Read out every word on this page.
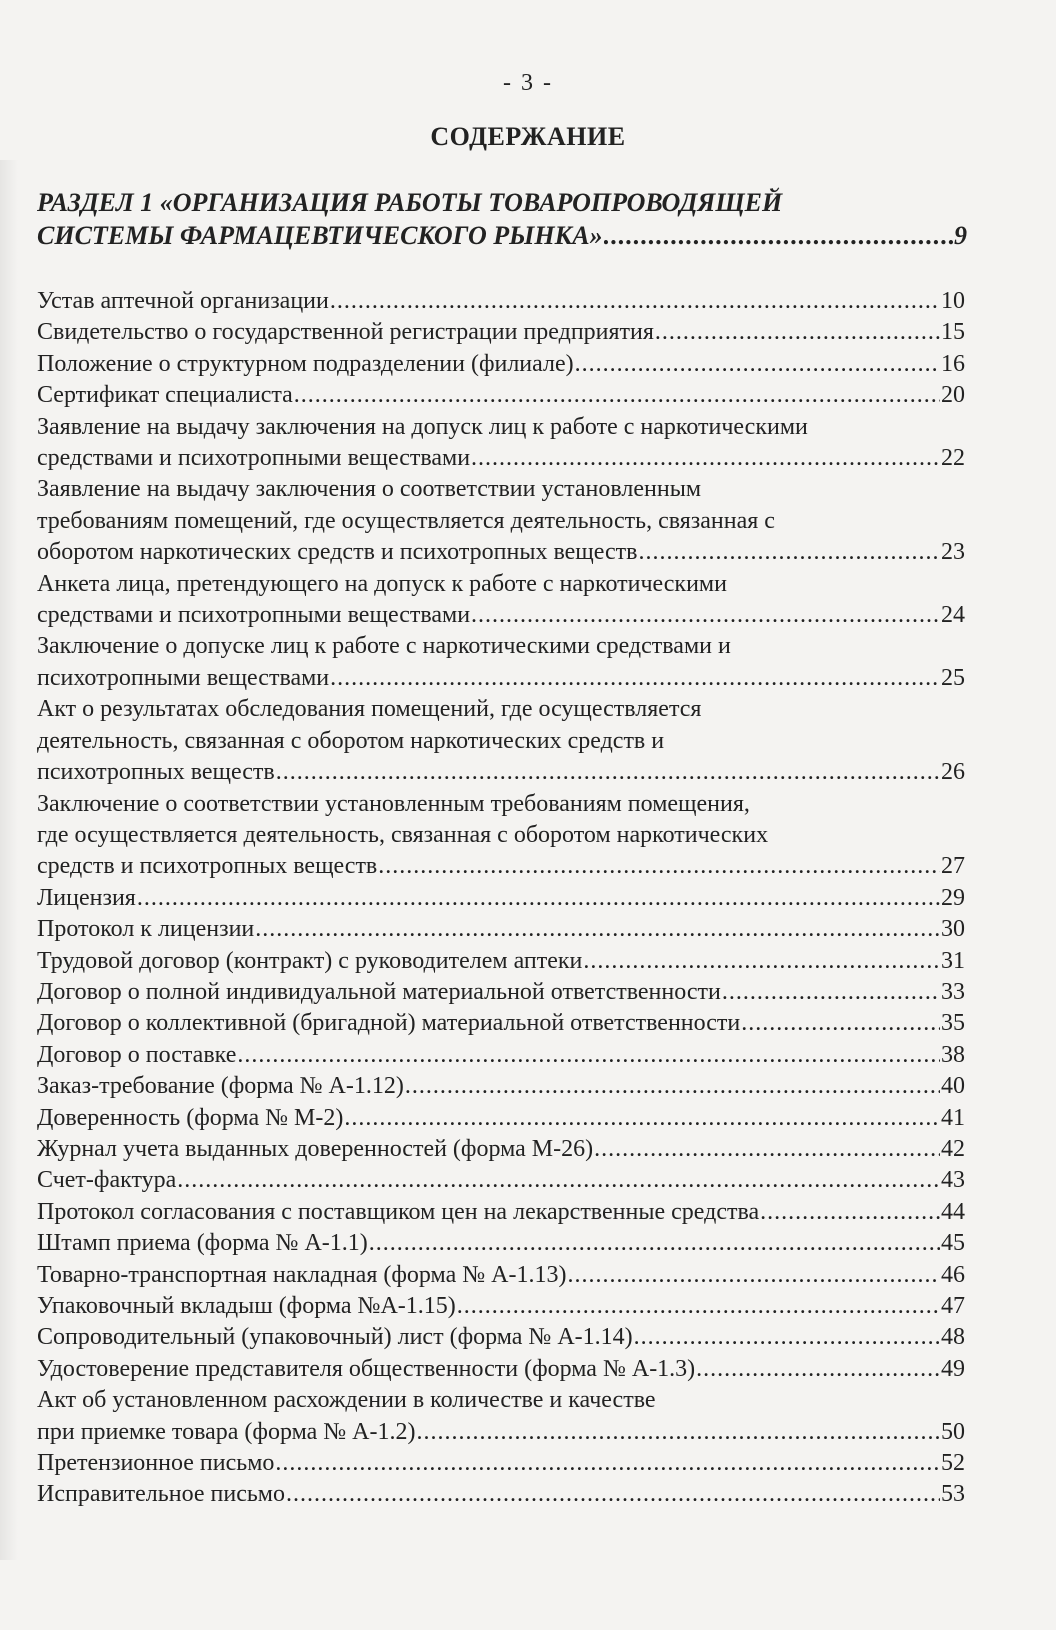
- 3 -
СОДЕРЖАНИЕ
РАЗДЕЛ 1 «ОРГАНИЗАЦИЯ РАБОТЫ ТОВАРОПРОВОДЯЩЕЙ
СИСТЕМЫ ФАРМАЦЕВТИЧЕСКОГО РЫНКА» .....	9
Устав аптечной организации .....	10
Свидетельство о государственной регистрации предприятия .....	15
Положение о структурном подразделении (филиале) .....	16
Сертификат специалиста .....	20
Заявление на выдачу заключения на допуск лиц к работе с наркотическими
средствами и психотропными веществами .....	22
Заявление на выдачу заключения о соответствии установленным
требованиям помещений, где осуществляется деятельность, связанная с
оборотом наркотических средств и психотропных веществ .....	23
Анкета лица, претендующего на допуск к работе с наркотическими
средствами и психотропными веществами .....	24
Заключение о допуске лиц к работе с наркотическими средствами и
психотропными веществами .....	25
Акт о результатах обследования помещений, где осуществляется
деятельность, связанная с оборотом наркотических средств и
психотропных веществ .....	26
Заключение о соответствии установленным требованиям помещения,
где осуществляется деятельность, связанная с оборотом наркотических
средств и психотропных веществ .....	27
Лицензия .....	29
Протокол к лицензии .....	30
Трудовой договор (контракт) с руководителем аптеки .....	31
Договор о полной индивидуальной материальной ответственности .....	33
Договор о коллективной (бригадной) материальной ответственности .....	35
Договор о поставке .....	38
Заказ-требование (форма № А-1.12) .....	40
Доверенность (форма № М-2) .....	41
Журнал учета выданных доверенностей (форма М-26) .....	42
Счет-фактура .....	43
Протокол согласования с поставщиком цен на лекарственные средства .....	44
Штамп приема (форма № А-1.1) .....	45
Товарно-транспортная накладная (форма № А-1.13) .....	46
Упаковочный вкладыш (форма №А-1.15) .....	47
Сопроводительный (упаковочный) лист (форма № А-1.14) .....	48
Удостоверение представителя общественности (форма № А-1.3) .....	49
Акт об установленном расхождении в количестве и качестве
при приемке товара (форма № А-1.2) .....	50
Претензионное письмо .....	52
Исправительное письмо .....	53
